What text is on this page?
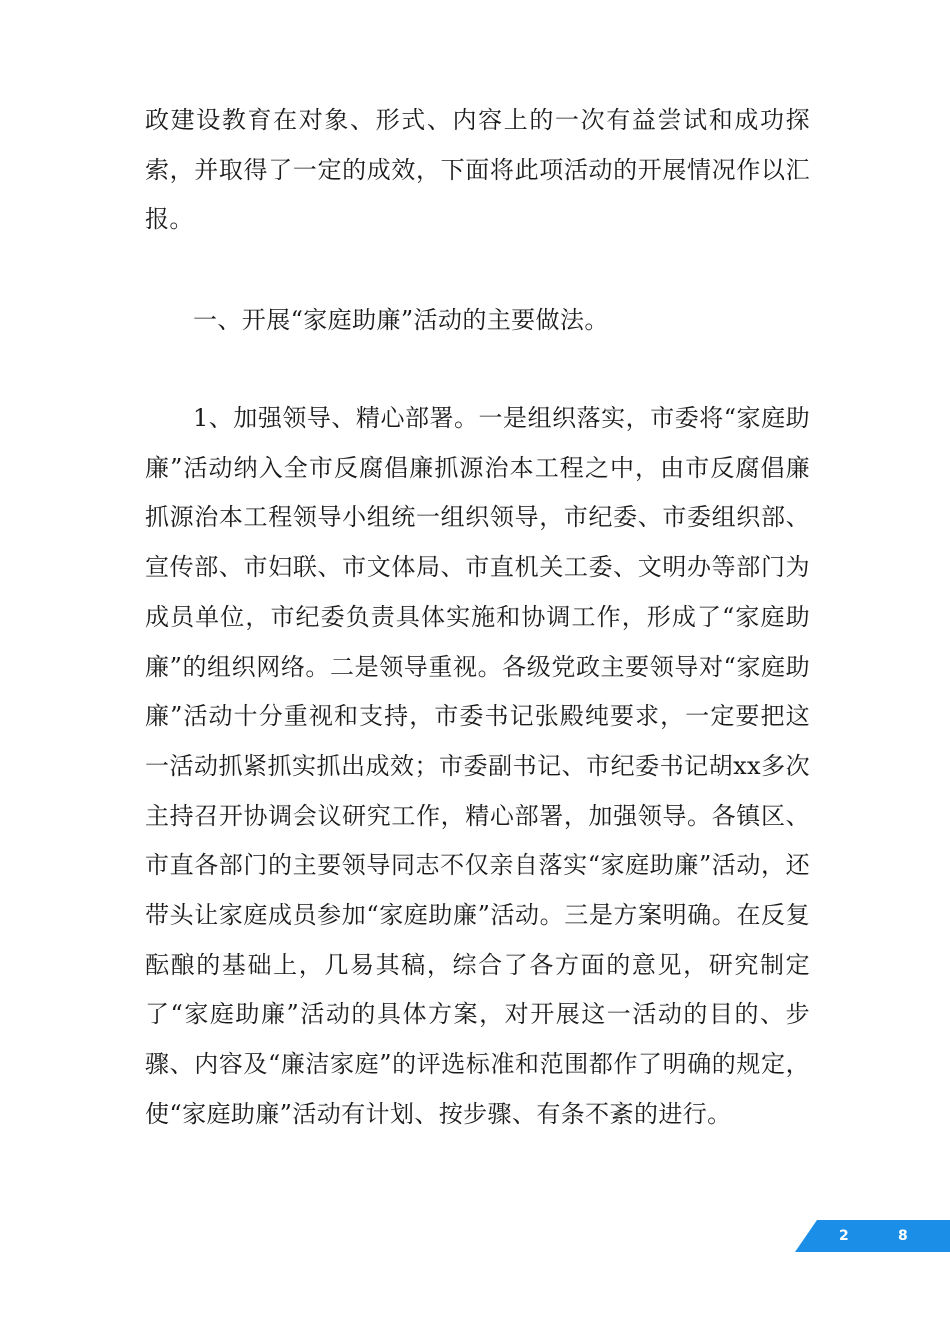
政建设教育在对象、形式、内容上的一次有益尝试和成功探索，并取得了一定的成效，下面将此项活动的开展情况作以汇报。

一、开展“家庭助廉”活动的主要做法。

1、加强领导、精心部署。一是组织落实，市委将“家庭助廉”活动纳入全市反腐倡廉抓源治本工程之中，由市反腐倡廉抓源治本工程领导小组统一组织领导，市纪委、市委组织部、宣传部、市妇联、市文体局、市直机关工委、文明办等部门为成员单位，市纪委负责具体实施和协调工作，形成了“家庭助廉”的组织网络。二是领导重视。各级党政主要领导对“家庭助廉”活动十分重视和支持，市委书记张殿纯要求，一定要把这一活动抓紧抓实抓出成效；市委副书记、市纪委书记胡xx多次主持召开协调会议研究工作，精心部署，加强领导。各镇区、市直各部门的主要领导同志不仅亲自落实“家庭助廉”活动，还带头让家庭成员参加“家庭助廉”活动。三是方案明确。在反复酝酿的基础上，几易其稿，综合了各方面的意见，研究制定了“家庭助廉”活动的具体方案，对开展这一活动的目的、步骤、内容及“廉洁家庭”的评选标准和范围都作了明确的规定，使“家庭助廉”活动有计划、按步骤、有条不紊的进行。

2	8
